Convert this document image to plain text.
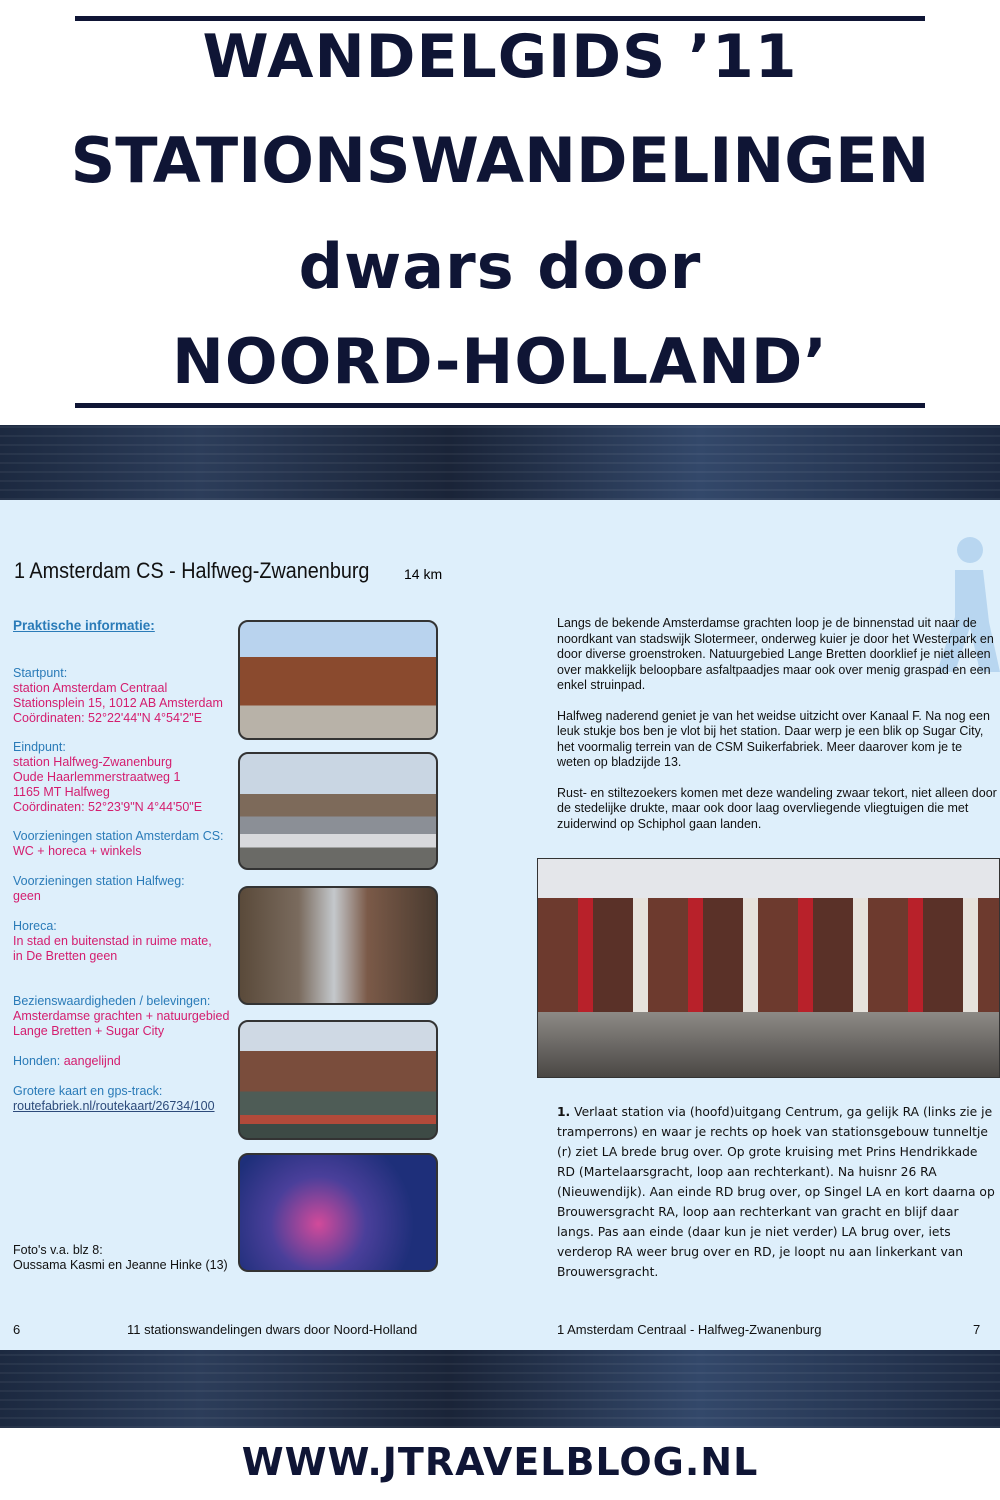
WANDELGIDS ’11
STATIONSWANDELINGEN
dwars door
NOORD-HOLLAND’
1 Amsterdam CS - Halfweg-Zwanenburg 14 km
Praktische informatie:
Startpunt:
station Amsterdam Centraal
Stationsplein 15, 1012 AB Amsterdam
Coördinaten: 52°22'44"N 4°54'2"E
Eindpunt:
station Halfweg-Zwanenburg
Oude Haarlemmerstraatweg 1
1165 MT Halfweg
Coördinaten: 52°23'9"N 4°44'50"E
Voorzieningen station Amsterdam CS:
WC + horeca + winkels
Voorzieningen station Halfweg:
geen
Horeca:
In stad en buitenstad in ruime mate,
in De Bretten geen
Bezienswaardigheden / belevingen:
Amsterdamse grachten + natuurgebied
Lange Bretten + Sugar City
Honden: aangelijnd
Grotere kaart en gps-track:
routefabriek.nl/routekaart/26734/100
Foto's v.a. blz 8:
Oussama Kasmi en Jeanne Hinke (13)

Langs de bekende Amsterdamse grachten loop je de binnenstad uit naar de noordkant van stadswijk Slotermeer, onderweg kuier je door het Westerpark en door diverse groenstroken. Natuurgebied Lange Bretten doorklief je niet alleen over makkelijk beloopbare asfaltpaadjes maar ook over menig graspad en een enkel struinpad.

Halfweg naderend geniet je van het weidse uitzicht over Kanaal F. Na nog een leuk stukje bos ben je vlot bij het station. Daar werp je een blik op Sugar City, het voormalig terrein van de CSM Suikerfabriek. Meer daarover kom je te weten op bladzijde 13.

Rust- en stiltezoekers komen met deze wandeling zwaar tekort, niet alleen door de stedelijke drukte, maar ook door laag overvliegende vliegtuigen die met zuiderwind op Schiphol gaan landen.

1. Verlaat station via (hoofd)uitgang Centrum, ga gelijk RA (links zie je tramperrons) en waar je rechts op hoek van stationsgebouw tunneltje (r) ziet LA brede brug over. Op grote kruising met Prins Hendrikkade RD (Martelaarsgracht, loop aan rechterkant). Na huisnr 26 RA (Nieuwendijk). Aan einde RD brug over, op Singel LA en kort daarna op Brouwersgracht RA, loop aan rechterkant van gracht en blijf daar langs. Pas aan einde (daar kun je niet verder) LA brug over, iets verderop RA weer brug over en RD, je loopt nu aan linkerkant van Brouwersgracht.
6	11 stationswandelingen dwars door Noord-Holland	1 Amsterdam Centraal - Halfweg-Zwanenburg	7
WWW.JTRAVELBLOG.NL
